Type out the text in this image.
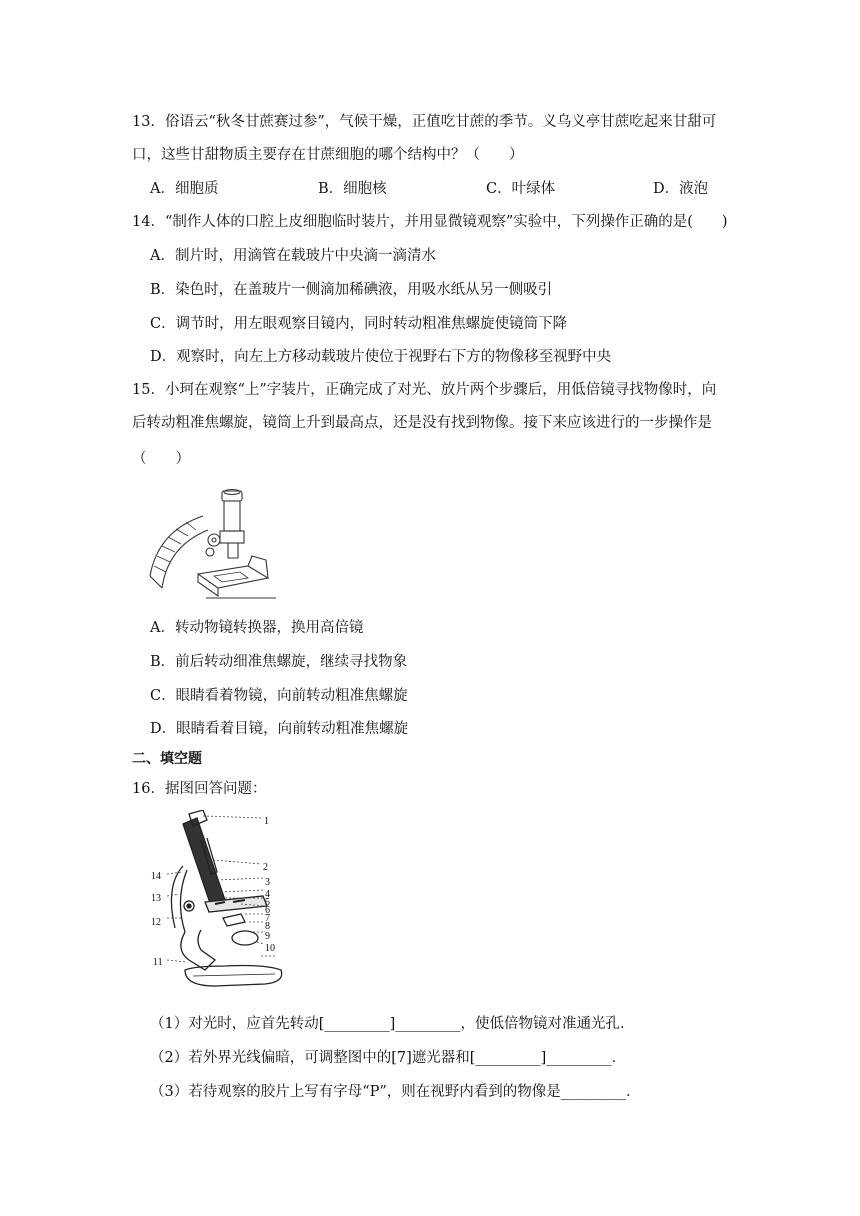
13．俗语云“秋冬甘蔗赛过参”，气候干燥，正值吃甘蔗的季节。义乌义亭甘蔗吃起来甘甜可
口，这些甘甜物质主要存在甘蔗细胞的哪个结构中？（　　）
A．细胞质	B．细胞核	C．叶绿体	D．液泡
14．“制作人体的口腔上皮细胞临时装片，并用显微镜观察”实验中，下列操作正确的是(　　)
A．制片时，用滴管在载玻片中央滴一滴清水
B．染色时，在盖玻片一侧滴加稀碘液，用吸水纸从另一侧吸引
C．调节时，用左眼观察目镜内，同时转动粗准焦螺旋使镜筒下降
D．观察时，向左上方移动载玻片使位于视野右下方的物像移至视野中央
15．小珂在观察“上”字装片，正确完成了对光、放片两个步骤后，用低倍镜寻找物像时，向
后转动粗准焦螺旋，镜筒上升到最高点，还是没有找到物像。接下来应该进行的一步操作是
（　　）
A．转动物镜转换器，换用高倍镜
B．前后转动细准焦螺旋，继续寻找物象
C．眼睛看着物镜，向前转动粗准焦螺旋
D．眼睛看着目镜，向前转动粗准焦螺旋
二、填空题
16．据图回答问题：
1
2
3
4
5
6
7
8
9
10
11
12
13
14
（1）对光时，应首先转动[_________]_________，使低倍物镜对准通光孔．
（2）若外界光线偏暗，可调整图中的[7]遮光器和[_________]_________．
（3）若待观察的胶片上写有字母“P”，则在视野内看到的物像是_________．
